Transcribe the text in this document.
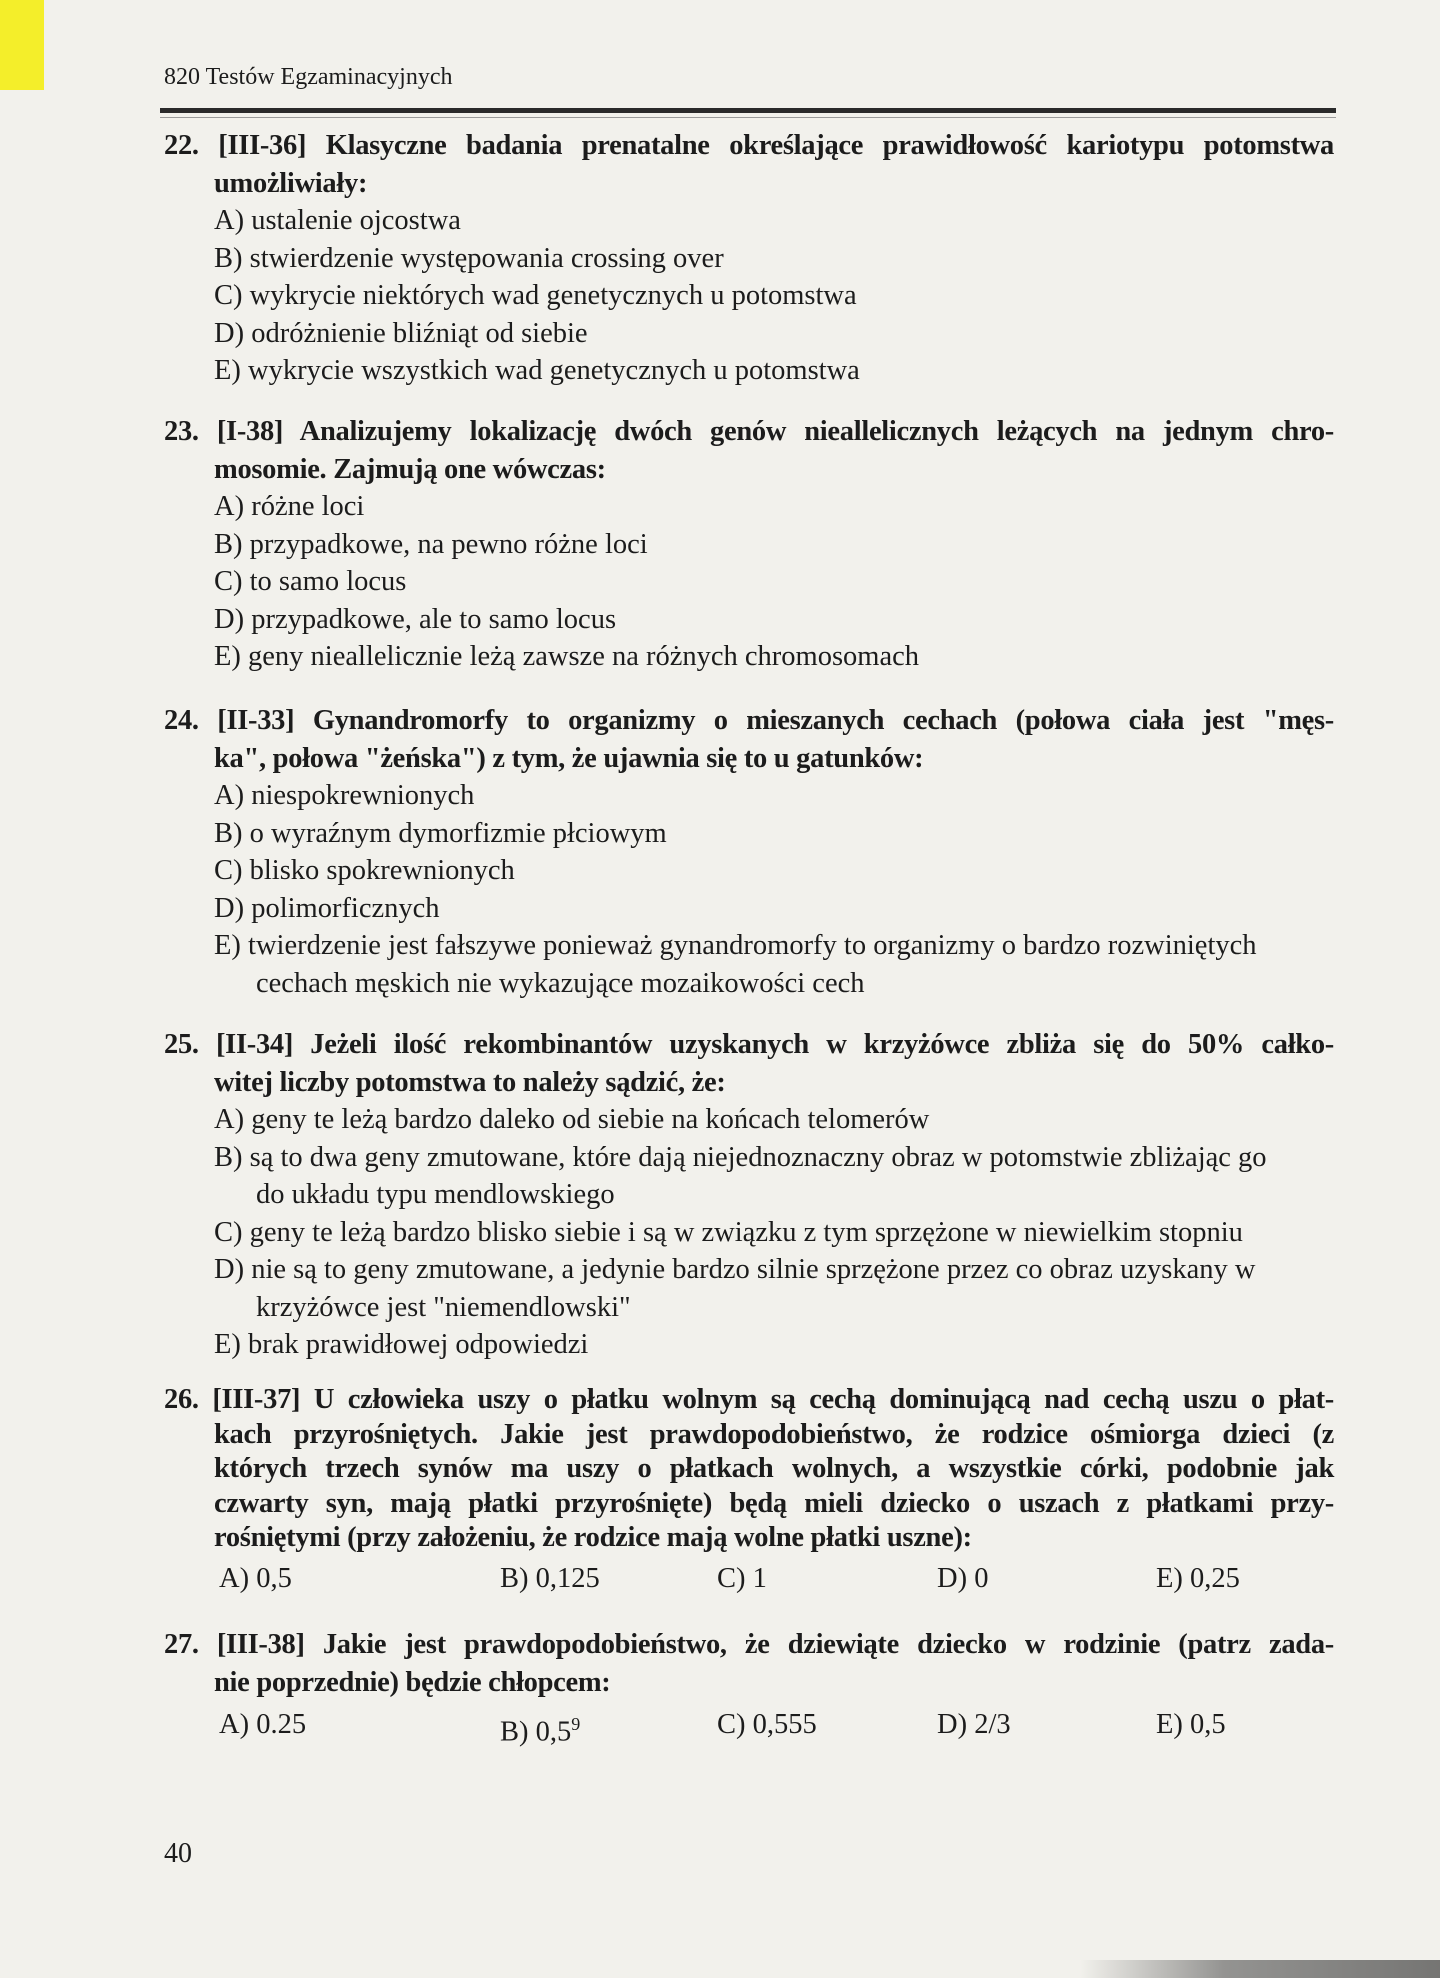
820 Testów Egzaminacyjnych
22. [III-36] Klasyczne badania prenatalne określające prawidłowość kariotypu potomstwa
umożliwiały:
A) ustalenie ojcostwa
B) stwierdzenie występowania crossing over
C) wykrycie niektórych wad genetycznych u potomstwa
D) odróżnienie bliźniąt od siebie
E) wykrycie wszystkich wad genetycznych u potomstwa
23. [I-38] Analizujemy lokalizację dwóch genów nieallelicznych leżących na jednym chro-
mosomie. Zajmują one wówczas:
A) różne loci
B) przypadkowe, na pewno różne loci
C) to samo locus
D) przypadkowe, ale to samo locus
E) geny nieallelicznie leżą zawsze na różnych chromosomach
24. [II-33] Gynandromorfy to organizmy o mieszanych cechach (połowa ciała jest "męs-
ka", połowa "żeńska") z tym, że ujawnia się to u gatunków:
A) niespokrewnionych
B) o wyraźnym dymorfizmie płciowym
C) blisko spokrewnionych
D) polimorficznych
E) twierdzenie jest fałszywe ponieważ gynandromorfy to organizmy o bardzo rozwiniętych
cechach męskich nie wykazujące mozaikowości cech
25. [II-34] Jeżeli ilość rekombinantów uzyskanych w krzyżówce zbliża się do 50% całko-
witej liczby potomstwa to należy sądzić, że:
A) geny te leżą bardzo daleko od siebie na końcach telomerów
B) są to dwa geny zmutowane, które dają niejednoznaczny obraz w potomstwie zbliżając go
do układu typu mendlowskiego
C) geny te leżą bardzo blisko siebie i są w związku z tym sprzężone w niewielkim stopniu
D) nie są to geny zmutowane, a jedynie bardzo silnie sprzężone przez co obraz uzyskany w
krzyżówce jest "niemendlowski"
E) brak prawidłowej odpowiedzi
26. [III-37] U człowieka uszy o płatku wolnym są cechą dominującą nad cechą uszu o płat-
kach przyrośniętych. Jakie jest prawdopodobieństwo, że rodzice ośmiorga dzieci (z
których trzech synów ma uszy o płatkach wolnych, a wszystkie córki, podobnie jak
czwarty syn, mają płatki przyrośnięte) będą mieli dziecko o uszach z płatkami przy-
rośniętymi (przy założeniu, że rodzice mają wolne płatki uszne):
A) 0,5	B) 0,125	C) 1	D) 0	E) 0,25
27. [III-38] Jakie jest prawdopodobieństwo, że dziewiąte dziecko w rodzinie (patrz zada-
nie poprzednie) będzie chłopcem:
A) 0.25	B) $0,5^9$	C) 0,555	D) 2/3	E) 0,5
40
